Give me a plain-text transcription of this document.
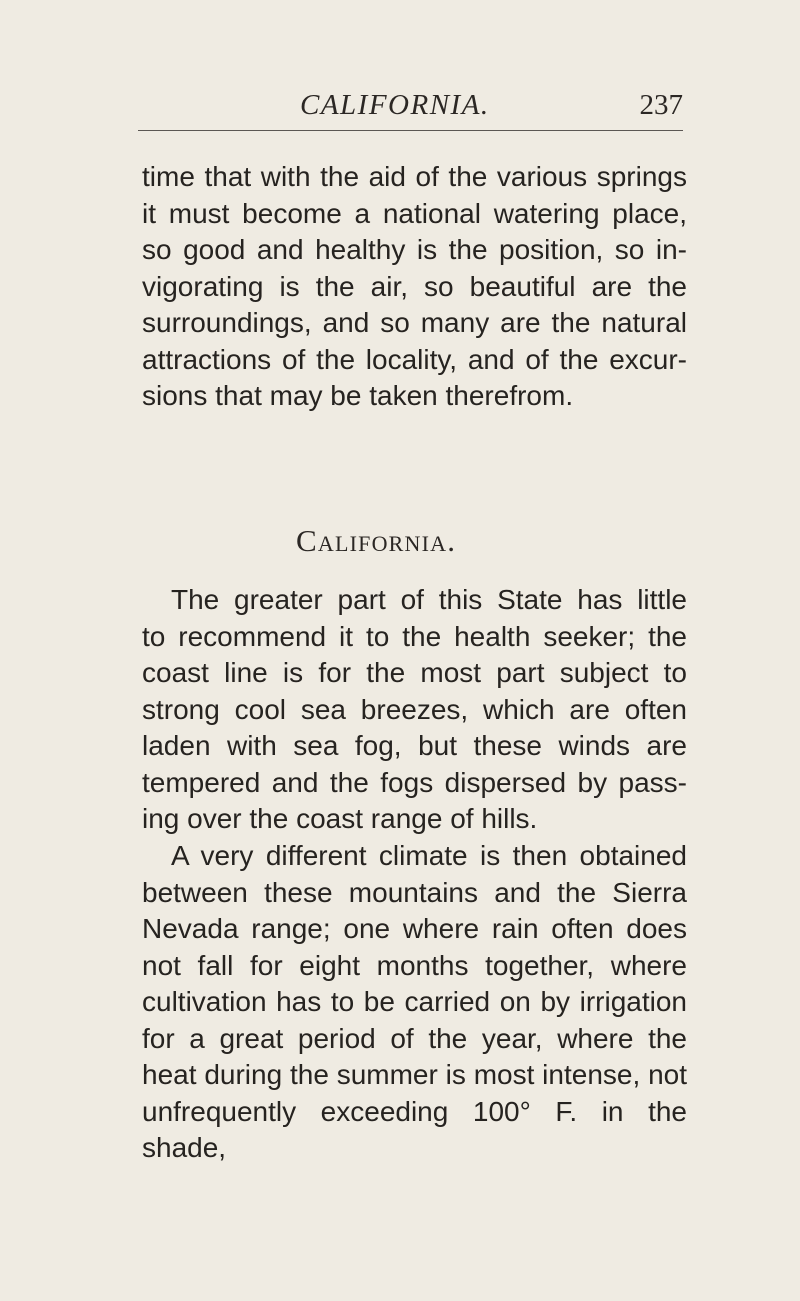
CALIFORNIA.	237
time that with the aid of the various springs
it must become a national watering place,
so good and healthy is the position, so in-
vigorating is the air, so beautiful are the
surroundings, and so many are the natural
attractions of the locality, and of the excur-
sions that may be taken therefrom.
California.
The greater part of this State has little
to recommend it to the health seeker; the
coast line is for the most part subject to
strong cool sea breezes, which are often
laden with sea fog, but these winds are
tempered and the fogs dispersed by pass-
ing over the coast range of hills.
A very different climate is then obtained
between these mountains and the Sierra
Nevada range; one where rain often does
not fall for eight months together, where
cultivation has to be carried on by irrigation
for a great period of the year, where the
heat during the summer is most intense, not
unfrequently exceeding 100° F. in the shade,
